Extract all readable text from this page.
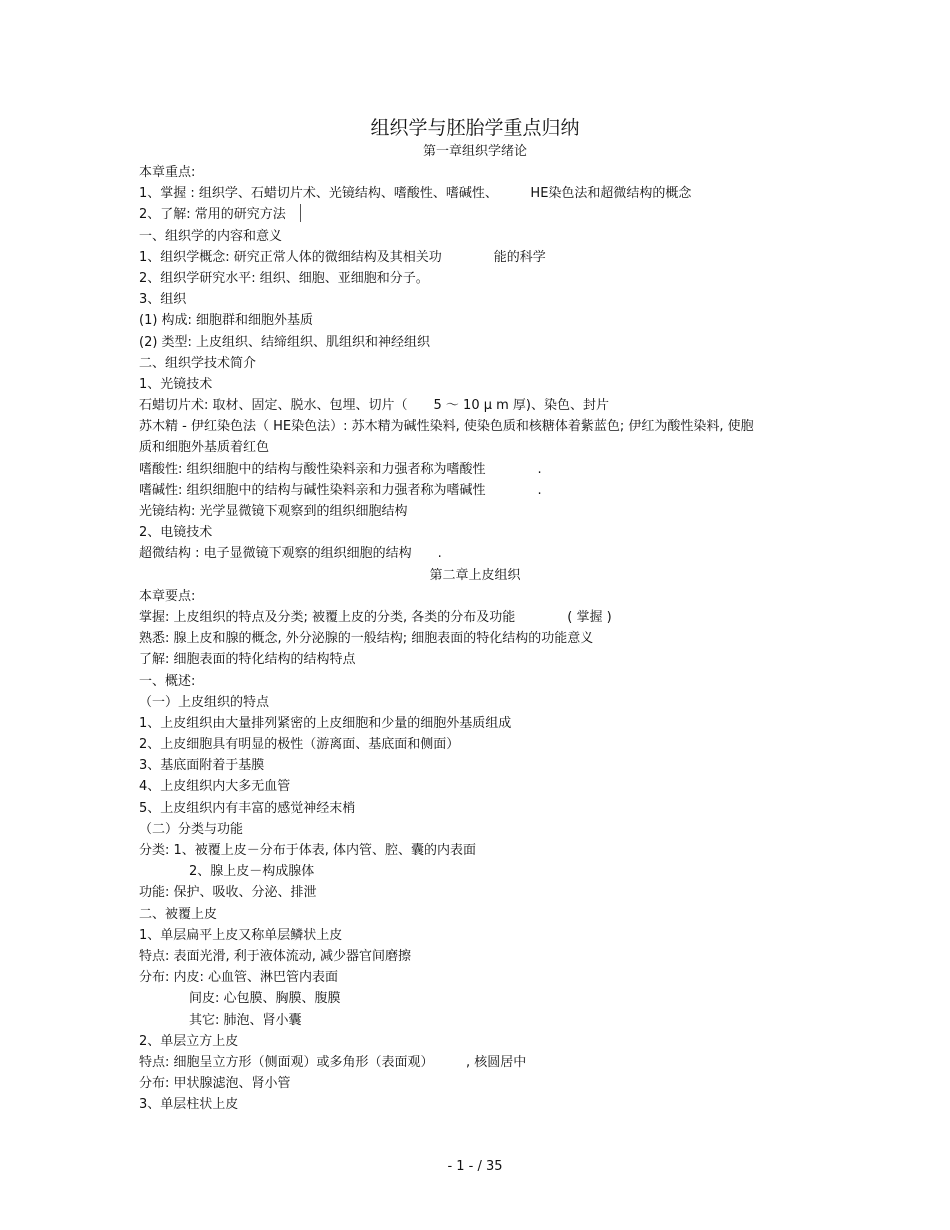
组织学与胚胎学重点归纳
第一章组织学绪论

本章重点:

1、掌握 : 组织学、石蜡切片术、光镜结构、嗜酸性、嗜碱性、　　　HE染色法和超微结构的概念

2、了解: 常用的研究方法

一、组织学的内容和意义

1、组织学概念: 研究正常人体的微细结构及其相关功　　　　能的科学

2、组织学研究水平: 组织、细胞、亚细胞和分子。

3、组织

(1) 构成: 细胞群和细胞外基质

(2) 类型: 上皮组织、结缔组织、肌组织和神经组织

二、组织学技术简介

1、光镜技术

石蜡切片术: 取材、固定、脱水、包埋、切片（　　5 ～ 10 μ m 厚)、染色、封片

苏木精 - 伊红染色法（ HE染色法）: 苏木精为碱性染料, 使染色质和核糖体着紫蓝色; 伊红为酸性染料, 使胞质和细胞外基质着红色

嗜酸性: 组织细胞中的结构与酸性染料亲和力强者称为嗜酸性　　　　.

嗜碱性: 组织细胞中的结构与碱性染料亲和力强者称为嗜碱性　　　　.

光镜结构: 光学显微镜下观察到的组织细胞结构

2、电镜技术

超微结构 : 电子显微镜下观察的组织细胞的结构　　.

第二章上皮组织

本章要点:

掌握: 上皮组织的特点及分类; 被覆上皮的分类, 各类的分布及功能　　　　( 掌握 )

熟悉: 腺上皮和腺的概念, 外分泌腺的一般结构; 细胞表面的特化结构的功能意义

了解: 细胞表面的特化结构的结构特点

一、概述:

（一）上皮组织的特点

1、上皮组织由大量排列紧密的上皮细胞和少量的细胞外基质组成

2、上皮细胞具有明显的极性（游离面、基底面和侧面）

3、基底面附着于基膜

4、上皮组织内大多无血管

5、上皮组织内有丰富的感觉神经末梢

（二）分类与功能

分类: 1、被覆上皮－分布于体表, 体内管、腔、囊的内表面

2、腺上皮－构成腺体

功能: 保护、吸收、分泌、排泄

二、被覆上皮

1、单层扁平上皮又称单层鳞状上皮

特点: 表面光滑, 利于液体流动, 减少器官间磨擦

分布: 内皮: 心血管、淋巴管内表面

间皮: 心包膜、胸膜、腹膜

其它: 肺泡、肾小囊

2、单层立方上皮

特点: 细胞呈立方形（侧面观）或多角形（表面观）　　　, 核圆居中

分布: 甲状腺滤泡、肾小管

3、单层柱状上皮

- 1 - / 35
